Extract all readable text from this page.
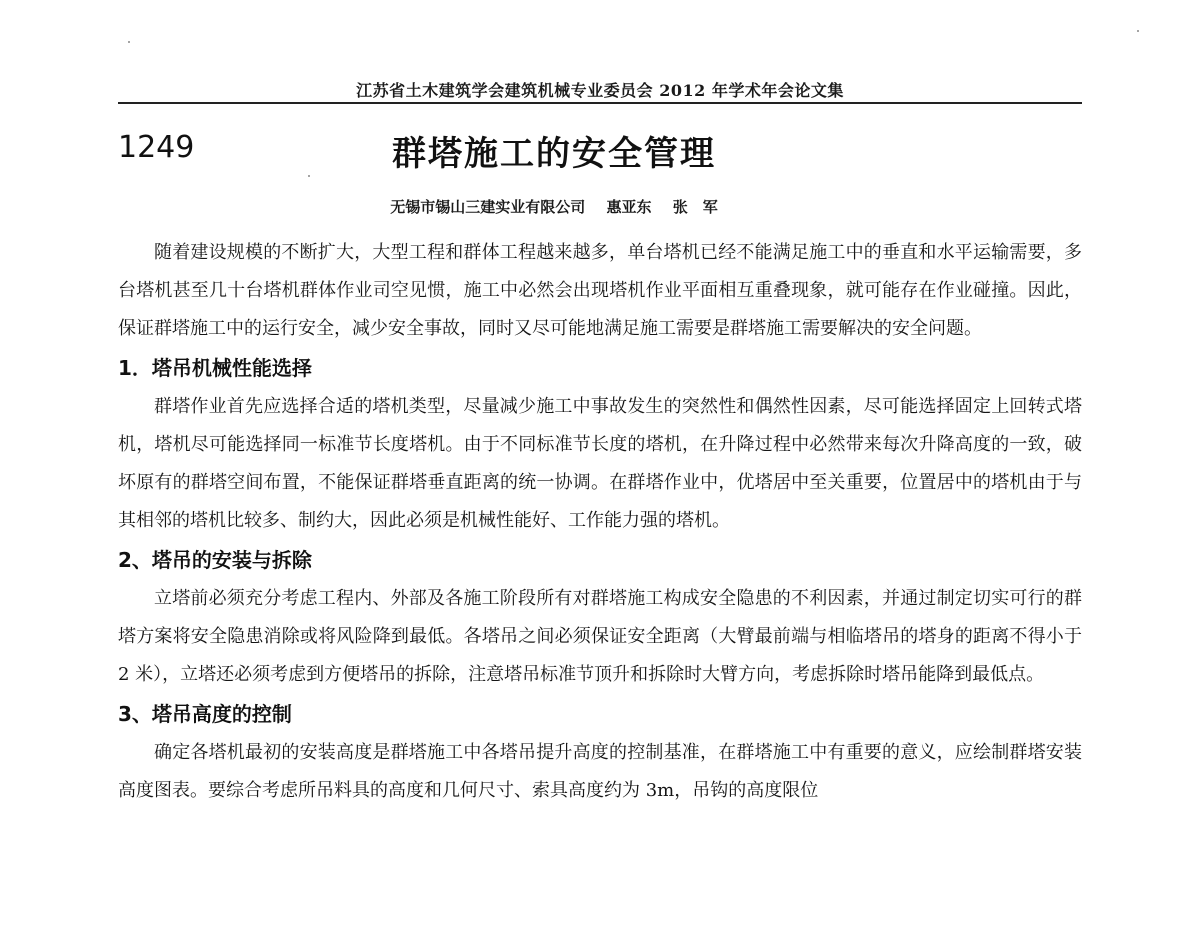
江苏省土木建筑学会建筑机械专业委员会 2012 年学术年会论文集
1249	群塔施工的安全管理
无锡市锡山三建实业有限公司 惠亚东 张　军

随着建设规模的不断扩大，大型工程和群体工程越来越多，单台塔机已经不能满足施工中的垂直和水平运输需要，多台塔机甚至几十台塔机群体作业司空见惯，施工中必然会出现塔机作业平面相互重叠现象，就可能存在作业碰撞。因此，保证群塔施工中的运行安全，减少安全事故，同时又尽可能地满足施工需要是群塔施工需要解决的安全问题。

1．塔吊机械性能选择

群塔作业首先应选择合适的塔机类型，尽量减少施工中事故发生的突然性和偶然性因素，尽可能选择固定上回转式塔机，塔机尽可能选择同一标准节长度塔机。由于不同标准节长度的塔机，在升降过程中必然带来每次升降高度的一致，破坏原有的群塔空间布置，不能保证群塔垂直距离的统一协调。在群塔作业中，优塔居中至关重要，位置居中的塔机由于与其相邻的塔机比较多、制约大，因此必须是机械性能好、工作能力强的塔机。

2、塔吊的安装与拆除

立塔前必须充分考虑工程内、外部及各施工阶段所有对群塔施工构成安全隐患的不利因素，并通过制定切实可行的群塔方案将安全隐患消除或将风险降到最低。各塔吊之间必须保证安全距离（大臂最前端与相临塔吊的塔身的距离不得小于 2 米），立塔还必须考虑到方便塔吊的拆除，注意塔吊标准节顶升和拆除时大臂方向，考虑拆除时塔吊能降到最低点。

3、塔吊高度的控制

确定各塔机最初的安装高度是群塔施工中各塔吊提升高度的控制基准，在群塔施工中有重要的意义，应绘制群塔安装高度图表。要综合考虑所吊料具的高度和几何尺寸、索具高度约为 3m，吊钩的高度限位
